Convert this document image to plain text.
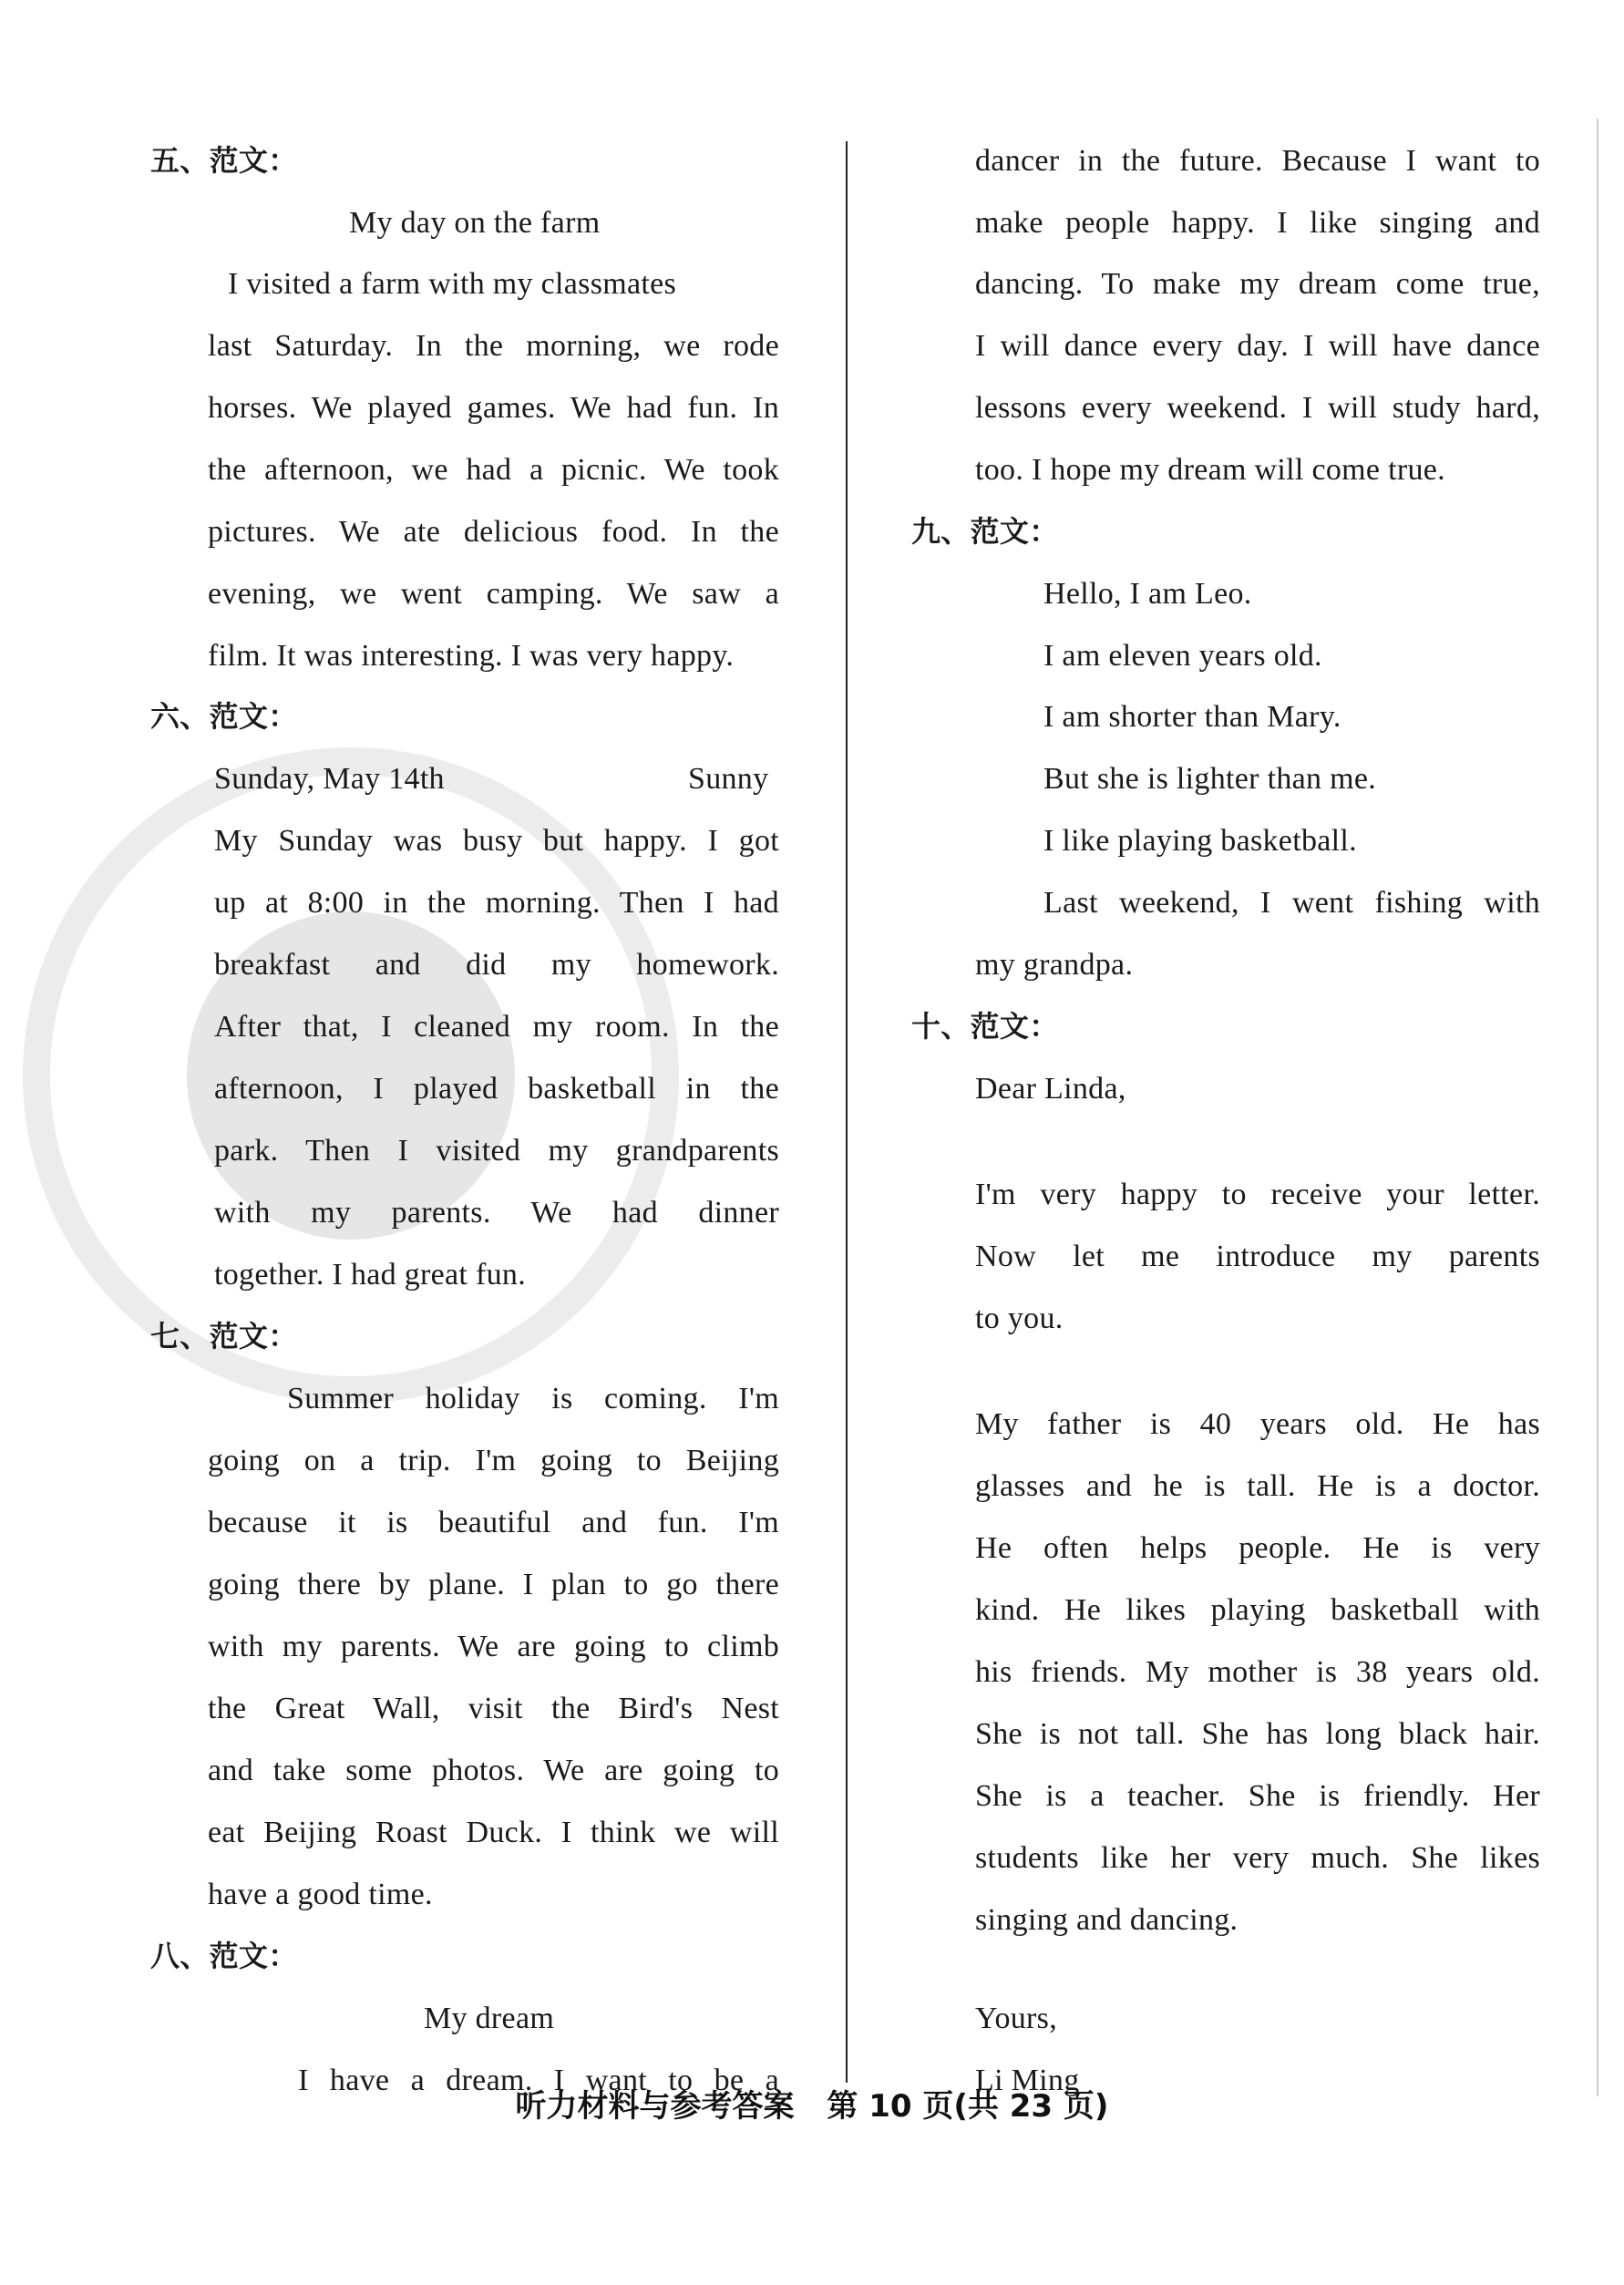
五、范文：
My day on the farm
I visited a farm with my classmates
last Saturday. In the morning, we rode
horses. We played games. We had fun. In
the afternoon, we had a picnic. We took
pictures. We ate delicious food. In the
evening, we went camping. We saw a
film. It was interesting. I was very happy.
六、范文：
Sunday, May 14th	Sunny
My Sunday was busy but happy. I got
up at 8:00 in the morning. Then I had
breakfast and did my homework.
After that, I cleaned my room. In the
afternoon, I played basketball in the
park. Then I visited my grandparents
with my parents. We had dinner
together. I had great fun.
七、范文：
Summer holiday is coming. I'm
going on a trip. I'm going to Beijing
because it is beautiful and fun. I'm
going there by plane. I plan to go there
with my parents. We are going to climb
the Great Wall, visit the Bird's Nest
and take some photos. We are going to
eat Beijing Roast Duck. I think we will
have a good time.
八、范文：
My dream
I have a dream. I want to be a
dancer in the future. Because I want to
make people happy. I like singing and
dancing. To make my dream come true,
I will dance every day. I will have dance
lessons every weekend. I will study hard,
too. I hope my dream will come true.
九、范文：
Hello, I am Leo.
I am eleven years old.
I am shorter than Mary.
But she is lighter than me.
I like playing basketball.
Last weekend, I went fishing with
my grandpa.
十、范文：
Dear Linda,
I'm very happy to receive your letter.
Now let me introduce my parents
to you.
My father is 40 years old. He has
glasses and he is tall. He is a doctor.
He often helps people. He is very
kind. He likes playing basketball with
his friends. My mother is 38 years old.
She is not tall. She has long black hair.
She is a teacher. She is friendly. Her
students like her very much. She likes
singing and dancing.
Yours,
Li Ming
听力材料与参考答案 第 10 页(共 23 页)
